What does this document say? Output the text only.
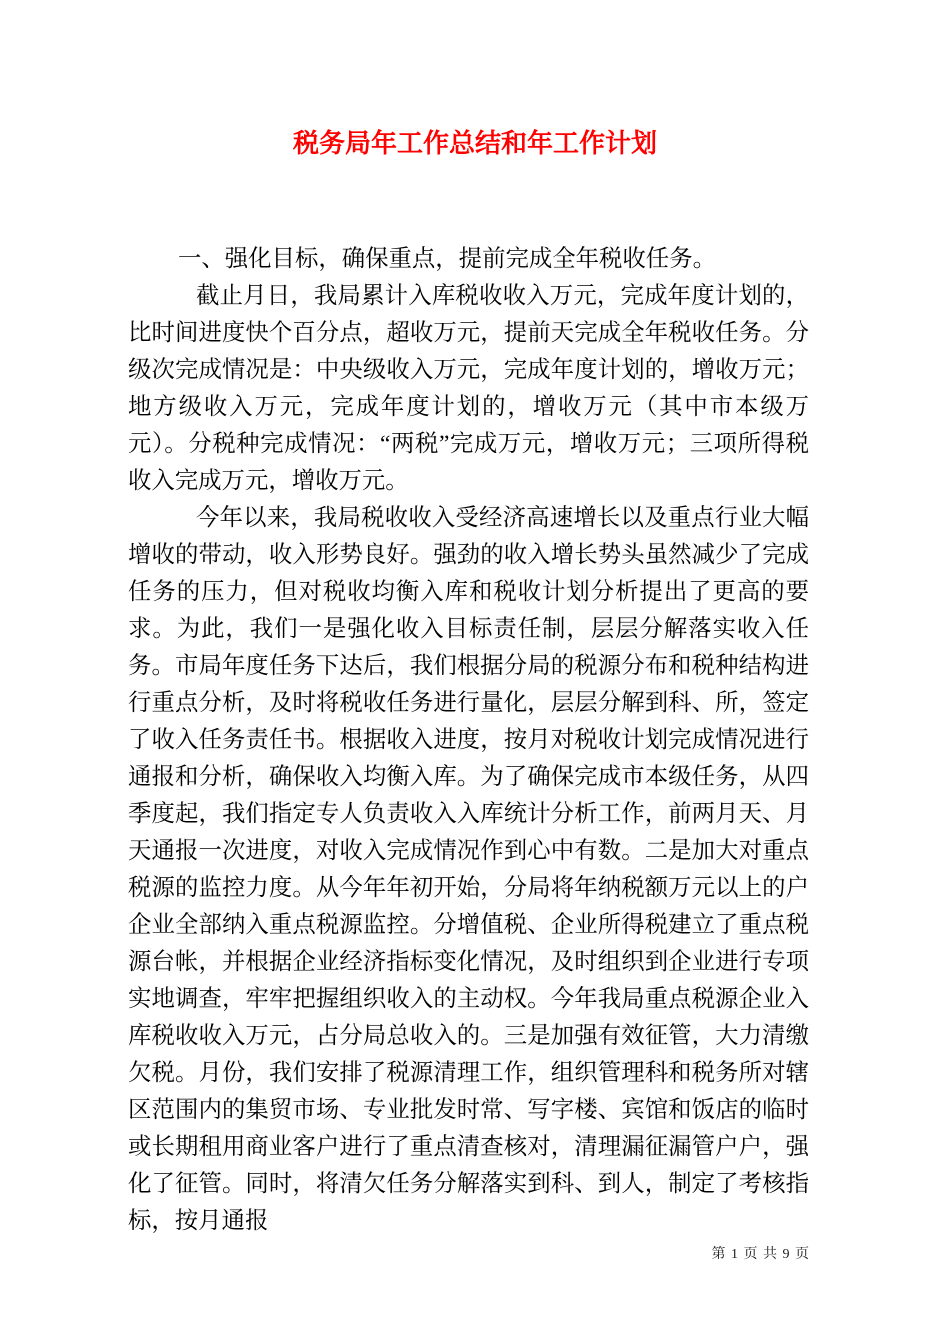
税务局年工作总结和年工作计划

一、强化目标，确保重点，提前完成全年税收任务。

截止月日，我局累计入库税收收入万元，完成年度计划的，比时间进度快个百分点，超收万元，提前天完成全年税收任务。分级次完成情况是：中央级收入万元，完成年度计划的，增收万元；地方级收入万元，完成年度计划的，增收万元（其中市本级万元）。分税种完成情况：“两税”完成万元，增收万元；三项所得税收入完成万元，增收万元。

今年以来，我局税收收入受经济高速增长以及重点行业大幅增收的带动，收入形势良好。强劲的收入增长势头虽然减少了完成任务的压力，但对税收均衡入库和税收计划分析提出了更高的要求。为此，我们一是强化收入目标责任制，层层分解落实收入任务。市局年度任务下达后，我们根据分局的税源分布和税种结构进行重点分析，及时将税收任务进行量化，层层分解到科、所，签定了收入任务责任书。根据收入进度，按月对税收计划完成情况进行通报和分析，确保收入均衡入库。为了确保完成市本级任务，从四季度起，我们指定专人负责收入入库统计分析工作，前两月天、月天通报一次进度，对收入完成情况作到心中有数。二是加大对重点税源的监控力度。从今年年初开始，分局将年纳税额万元以上的户企业全部纳入重点税源监控。分增值税、企业所得税建立了重点税源台帐，并根据企业经济指标变化情况，及时组织到企业进行专项实地调查，牢牢把握组织收入的主动权。今年我局重点税源企业入库税收收入万元，占分局总收入的。三是加强有效征管，大力清缴欠税。月份，我们安排了税源清理工作，组织管理科和税务所对辖区范围内的集贸市场、专业批发时常、写字楼、宾馆和饭店的临时或长期租用商业客户进行了重点清查核对，清理漏征漏管户户，强化了征管。同时，将清欠任务分解落实到科、到人，制定了考核指标，按月通报

第 1 页 共 9 页
